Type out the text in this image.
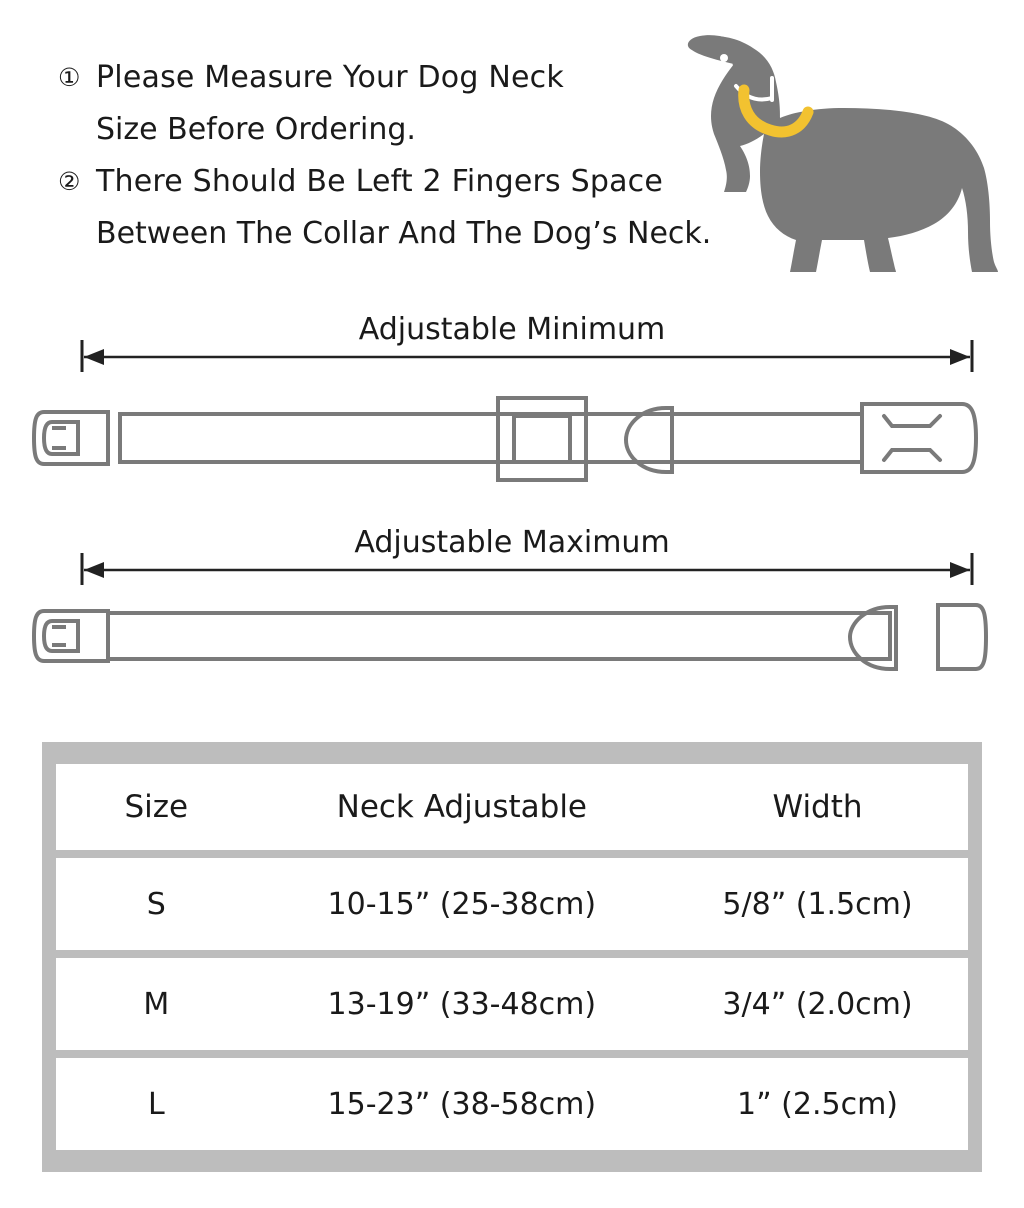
① Please Measure Your Dog Neck
Size Before Ordering.
② There Should Be Left 2 Fingers Space
Between The Collar And The Dog’s Neck.
Adjustable Minimum
Adjustable Maximum
Size	Neck Adjustable	Width
S	10-15” (25-38cm)	5/8” (1.5cm)
M	13-19” (33-48cm)	3/4” (2.0cm)
L	15-23” (38-58cm)	1” (2.5cm)
